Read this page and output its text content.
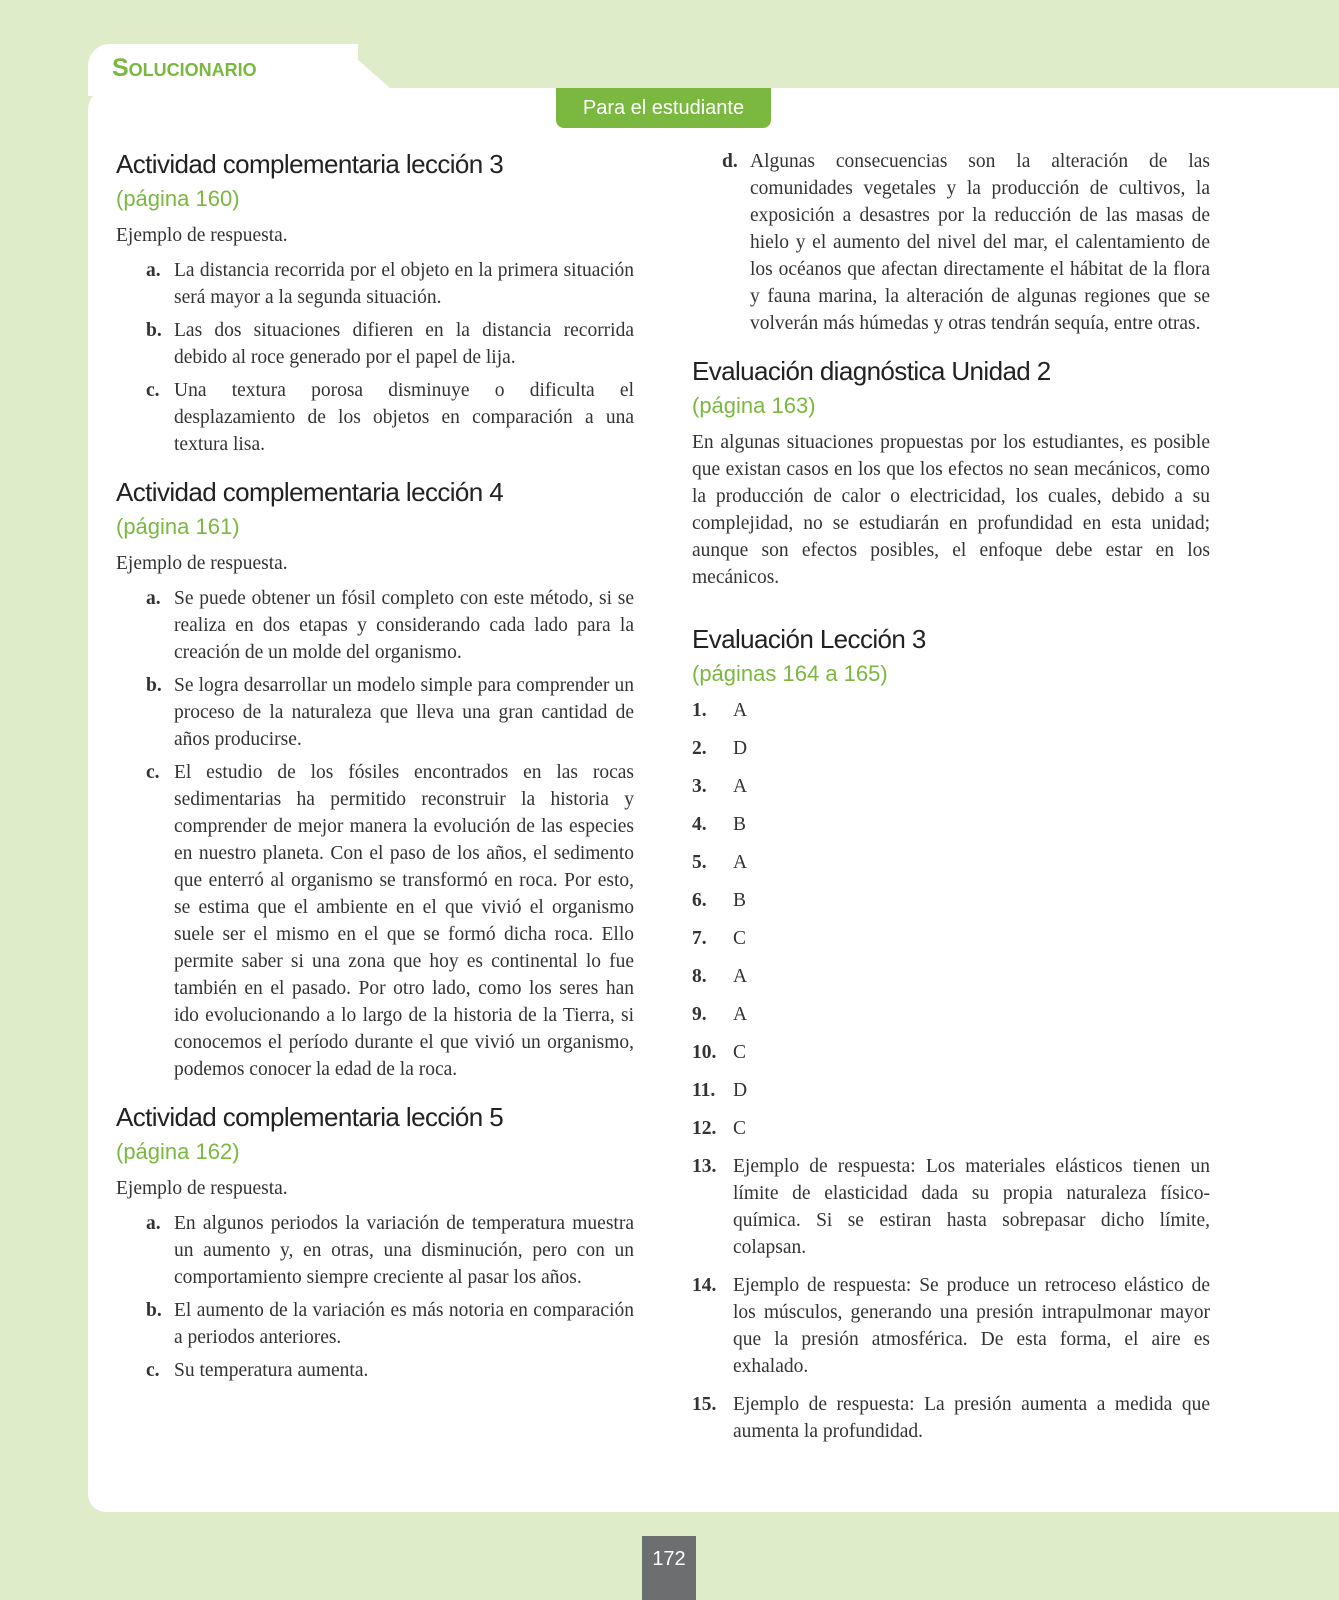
Solucionario
Para el estudiante
Actividad complementaria lección 3
(página 160)

Ejemplo de respuesta.

a. La distancia recorrida por el objeto en la primera situación será mayor a la segunda situación.
b. Las dos situaciones difieren en la distancia recorrida debido al roce generado por el papel de lija.
c. Una textura porosa disminuye o dificulta el desplazamiento de los objetos en comparación a una textura lisa.
Actividad complementaria lección 4
(página 161)

Ejemplo de respuesta.

a. Se puede obtener un fósil completo con este método, si se realiza en dos etapas y considerando cada lado para la creación de un molde del organismo.
b. Se logra desarrollar un modelo simple para comprender un proceso de la naturaleza que lleva una gran cantidad de años producirse.
c. El estudio de los fósiles encontrados en las rocas sedimentarias ha permitido reconstruir la historia y comprender de mejor manera la evolución de las especies en nuestro planeta. Con el paso de los años, el sedimento que enterró al organismo se transformó en roca. Por esto, se estima que el ambiente en el que vivió el organismo suele ser el mismo en el que se formó dicha roca. Ello permite saber si una zona que hoy es continental lo fue también en el pasado. Por otro lado, como los seres han ido evolucionando a lo largo de la historia de la Tierra, si conocemos el período durante el que vivió un organismo, podemos conocer la edad de la roca.
Actividad complementaria lección 5
(página 162)

Ejemplo de respuesta.

a. En algunos periodos la variación de temperatura muestra un aumento y, en otras, una disminución, pero con un comportamiento siempre creciente al pasar los años.
b. El aumento de la variación es más notoria en comparación a periodos anteriores.
c. Su temperatura aumenta.
d. Algunas consecuencias son la alteración de las comunidades vegetales y la producción de cultivos, la exposición a desastres por la reducción de las masas de hielo y el aumento del nivel del mar, el calentamiento de los océanos que afectan directamente el hábitat de la flora y fauna marina, la alteración de algunas regiones que se volverán más húmedas y otras tendrán sequía, entre otras.
Evaluación diagnóstica Unidad 2
(página 163)

En algunas situaciones propuestas por los estudiantes, es posible que existan casos en los que los efectos no sean mecánicos, como la producción de calor o electricidad, los cuales, debido a su complejidad, no se estudiarán en profundidad en esta unidad; aunque son efectos posibles, el enfoque debe estar en los mecánicos.

Evaluación Lección 3
(páginas 164 a 165)
1.	A
2.	D
3.	A
4.	B
5.	A
6.	B
7.	C
8.	A
9.	A
10. C
11. D
12. C
13. Ejemplo de respuesta: Los materiales elásticos tienen un límite de elasticidad dada su propia naturaleza físico-química. Si se estiran hasta sobrepasar dicho límite, colapsan.
14. Ejemplo de respuesta: Se produce un retroceso elástico de los músculos, generando una presión intrapulmonar mayor que la presión atmosférica. De esta forma, el aire es exhalado.
15. Ejemplo de respuesta: La presión aumenta a medida que aumenta la profundidad.
172
